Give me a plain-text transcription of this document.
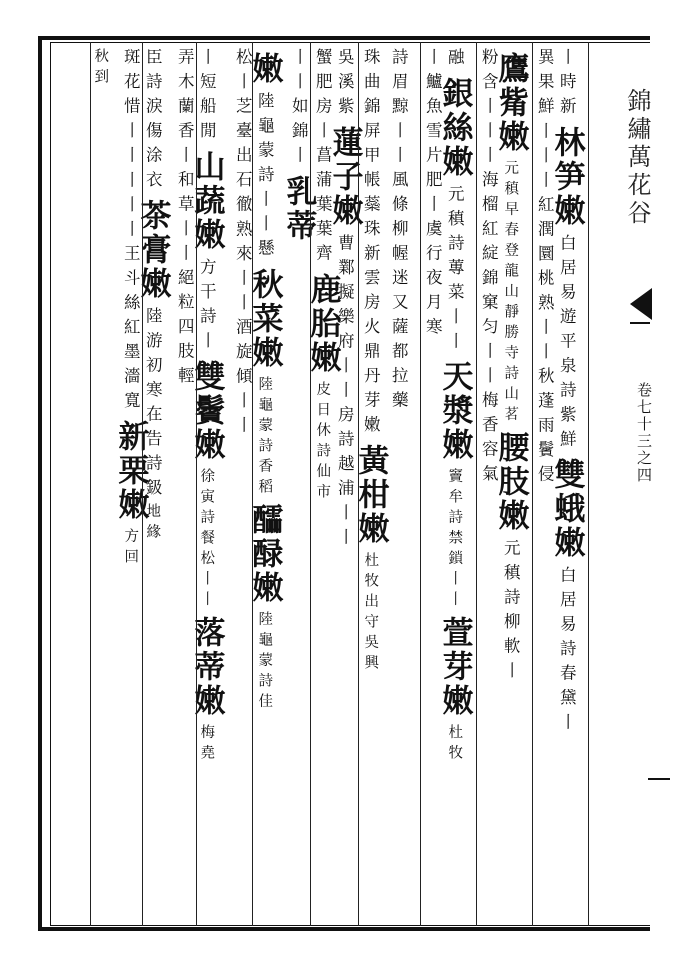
錦繡萬花谷
卷七十三之四
丨時新
林笋嫩
白居易遊平泉詩紫鮮
雙蛾嫩
白居易詩春黛丨
異果鮮
丨丨丨紅潤圜桃熟
丨丨秋蓬雨鬢侵
鷹觜嫩
元稹早春登龍山靜勝寺詩山茗
腰肢嫩
元稹詩柳軟丨
粉含丨丨丨海榴紅綻錦窠匀
丨丨梅香容氣
融
銀絲嫩
元稹詩蓴菜丨丨
天漿嫩
竇牟詩禁鎖丨丨
萱芽嫩
杜牧
丨鱸魚雪片肥
丨虞行夜月寒
詩眉黥丨丨風條柳幄迷又薩都拉藥
珠曲錦屏甲帳蘂珠新雲房火鼎丹芽嫩
黃柑嫩
杜牧出守吳興
吳溪紫
蓮子嫩
曹鄴擬樂府丨丨房
詩越浦丨丨
蟹肥
房丨菖蒲葉葉齊
鹿胎嫩
皮日休詩仙市
丨丨如錦丨
乳蒂
嫩
陸龜蒙詩丨丨懸
秋菜嫩
陸龜蒙詩香稻
醽醁嫩
陸龜蒙詩佳
松丨芝臺出石徹
熟來丨丨
酒旋傾丨丨
丨短船閒
山蔬嫩
方干詩丨
雙鬢嫩
徐寅詩餐松丨丨
落蒂嫩
梅堯
弄木蘭香
丨和草丨
丨絕粒四肢輕
臣詩淚傷涂衣
茶膏嫩
陸游初寒在告詩鈒
地緣
斑花惜丨丨
丨丨丨王斗絲紅墨濇寬
新栗嫩
方回
秋到
